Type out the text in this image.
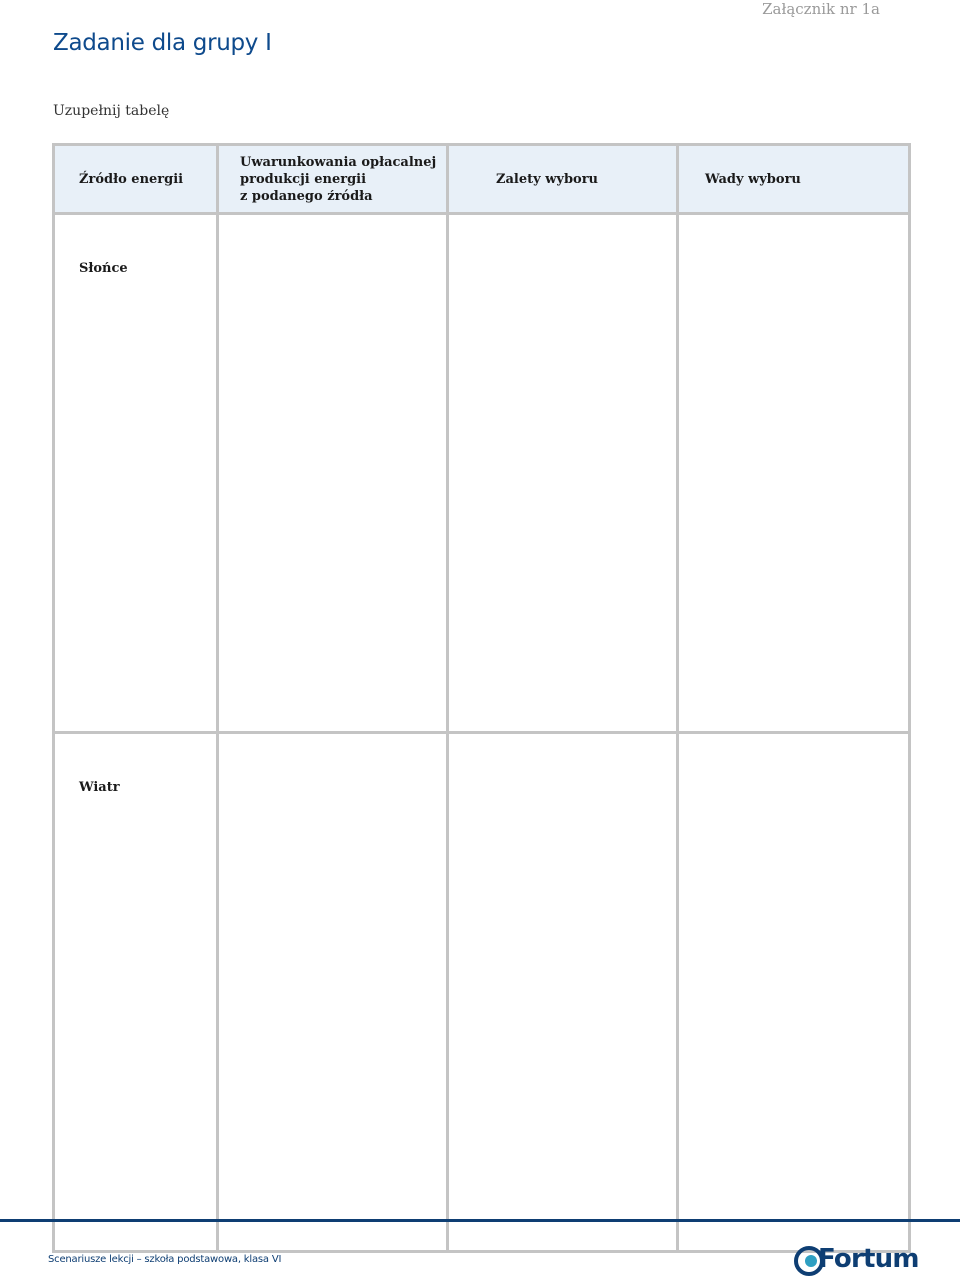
Załącznik nr 1a
Zadanie dla grupy I
Uzupełnij tabelę
Źródło energii	Uwarunkowania opłacalnej
produkcji energii
z podanego źródła	Zalety wyboru	Wady wyboru
Słońce			
Wiatr			
Scenariusze lekcji – szkoła podstawowa, klasa VI	Fortum
